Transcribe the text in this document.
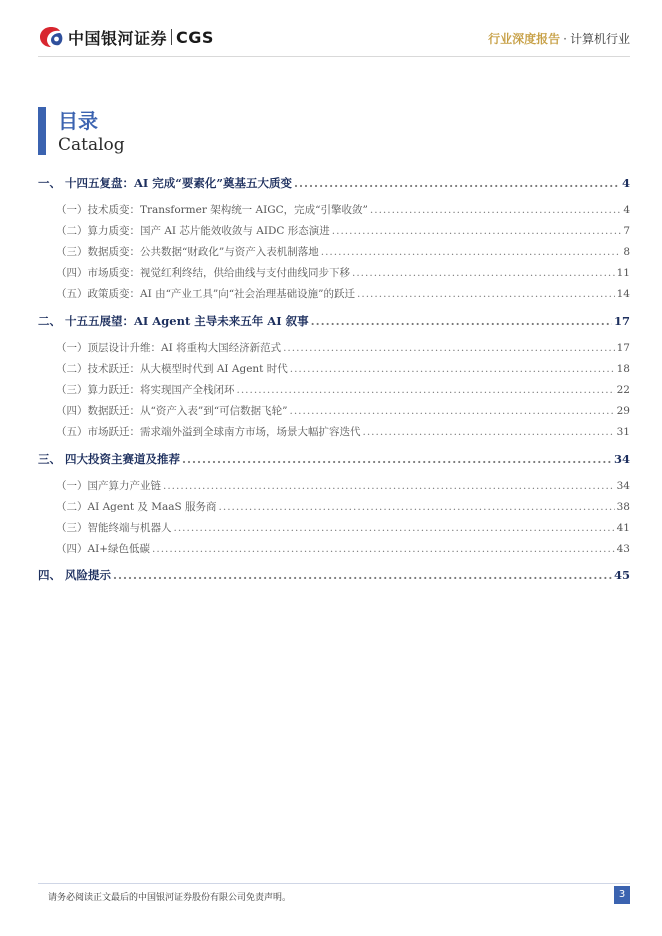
中国银河证券 CGS	行业深度报告 · 计算机行业
目录
Catalog
一、 十四五复盘：AI 完成“要素化”奠基五大质变 .....	4
（一）技术质变：Transformer 架构统一 AIGC，完成“引擎收敛” .....	4
（二）算力质变：国产 AI 芯片能效收敛与 AIDC 形态演进 .....	7
（三）数据质变：公共数据“财政化”与资产入表机制落地 .....	8
（四）市场质变：视觉红利终结，供给曲线与支付曲线同步下移 .....	11
（五）政策质变：AI 由“产业工具”向“社会治理基础设施”的跃迁 .....	14
二、 十五五展望：AI Agent 主导未来五年 AI 叙事 .....	17
（一）顶层设计升维：AI 将重构大国经济新范式 .....	17
（二）技术跃迁：从大模型时代到 AI Agent 时代 .....	18
（三）算力跃迁：将实现国产全栈闭环 .....	22
（四）数据跃迁：从“资产入表”到“可信数据飞轮” .....	29
（五）市场跃迁：需求端外溢到全球南方市场，场景大幅扩容迭代 .....	31
三、 四大投资主赛道及推荐 .....	34
（一）国产算力产业链 .....	34
（二）AI Agent 及 MaaS 服务商 .....	38
（三）智能终端与机器人 .....	41
（四）AI+绿色低碳 .....	43
四、 风险提示 .....	45
请务必阅读正文最后的中国银河证券股份有限公司免责声明。	3
